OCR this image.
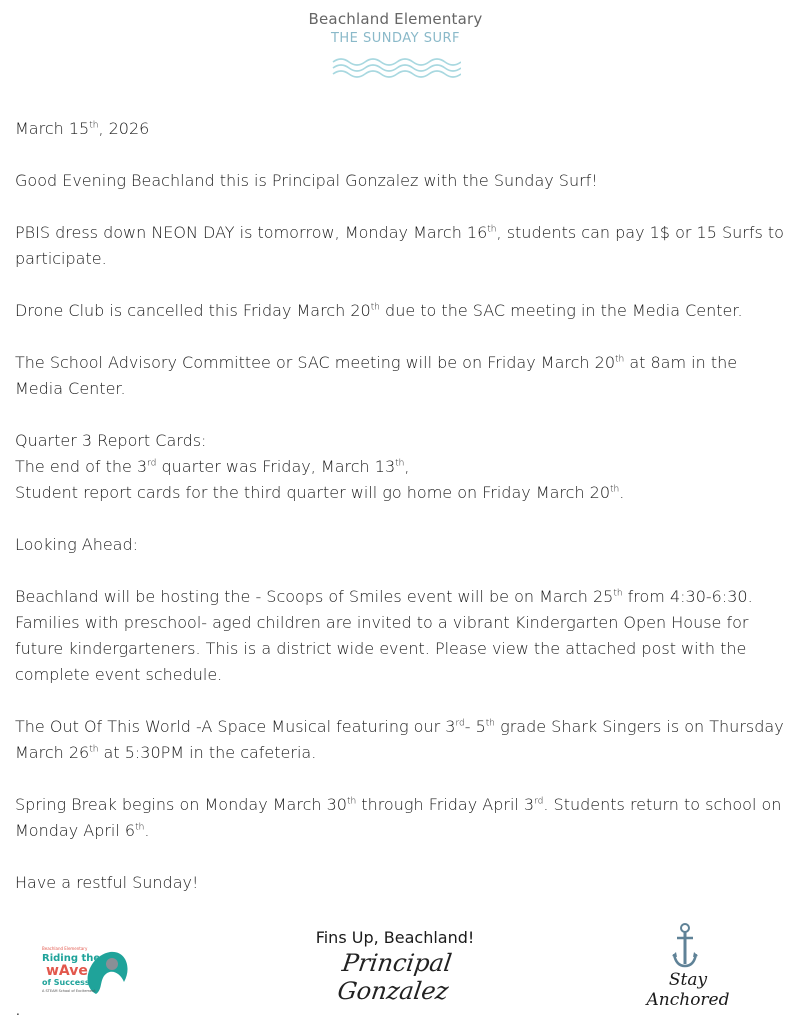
Beachland Elementary
THE SUNDAY SURF

March 15th, 2026

Good Evening Beachland this is Principal Gonzalez with the Sunday Surf!

PBIS dress down NEON DAY is tomorrow, Monday March 16th, students can pay 1$ or 15 Surfs to participate.

Drone Club is cancelled this Friday March 20th due to the SAC meeting in the Media Center.

The School Advisory Committee or SAC meeting will be on Friday March 20th at 8am in the Media Center.

Quarter 3 Report Cards:
The end of the 3rd quarter was Friday, March 13th,
Student report cards for the third quarter will go home on Friday March 20th.

Looking Ahead:

Beachland will be hosting the - Scoops of Smiles event will be on March 25th from 4:30-6:30. Families with preschool- aged children are invited to a vibrant Kindergarten Open House for future kindergarteners. This is a district wide event. Please view the attached post with the complete event schedule.

The Out Of This World -A Space Musical featuring our 3rd- 5th grade Shark Singers is on Thursday March 26th at 5:30PM in the cafeteria.

Spring Break begins on Monday March 30th through Friday April 3rd. Students return to school on Monday April 6th.

Have a restful Sunday!

Beachland Elementary
Riding the
wAve
of Success
A STEAM School of Excitement
Fins Up, Beachland!
Principal Gonzalez	Stay Anchored
.
